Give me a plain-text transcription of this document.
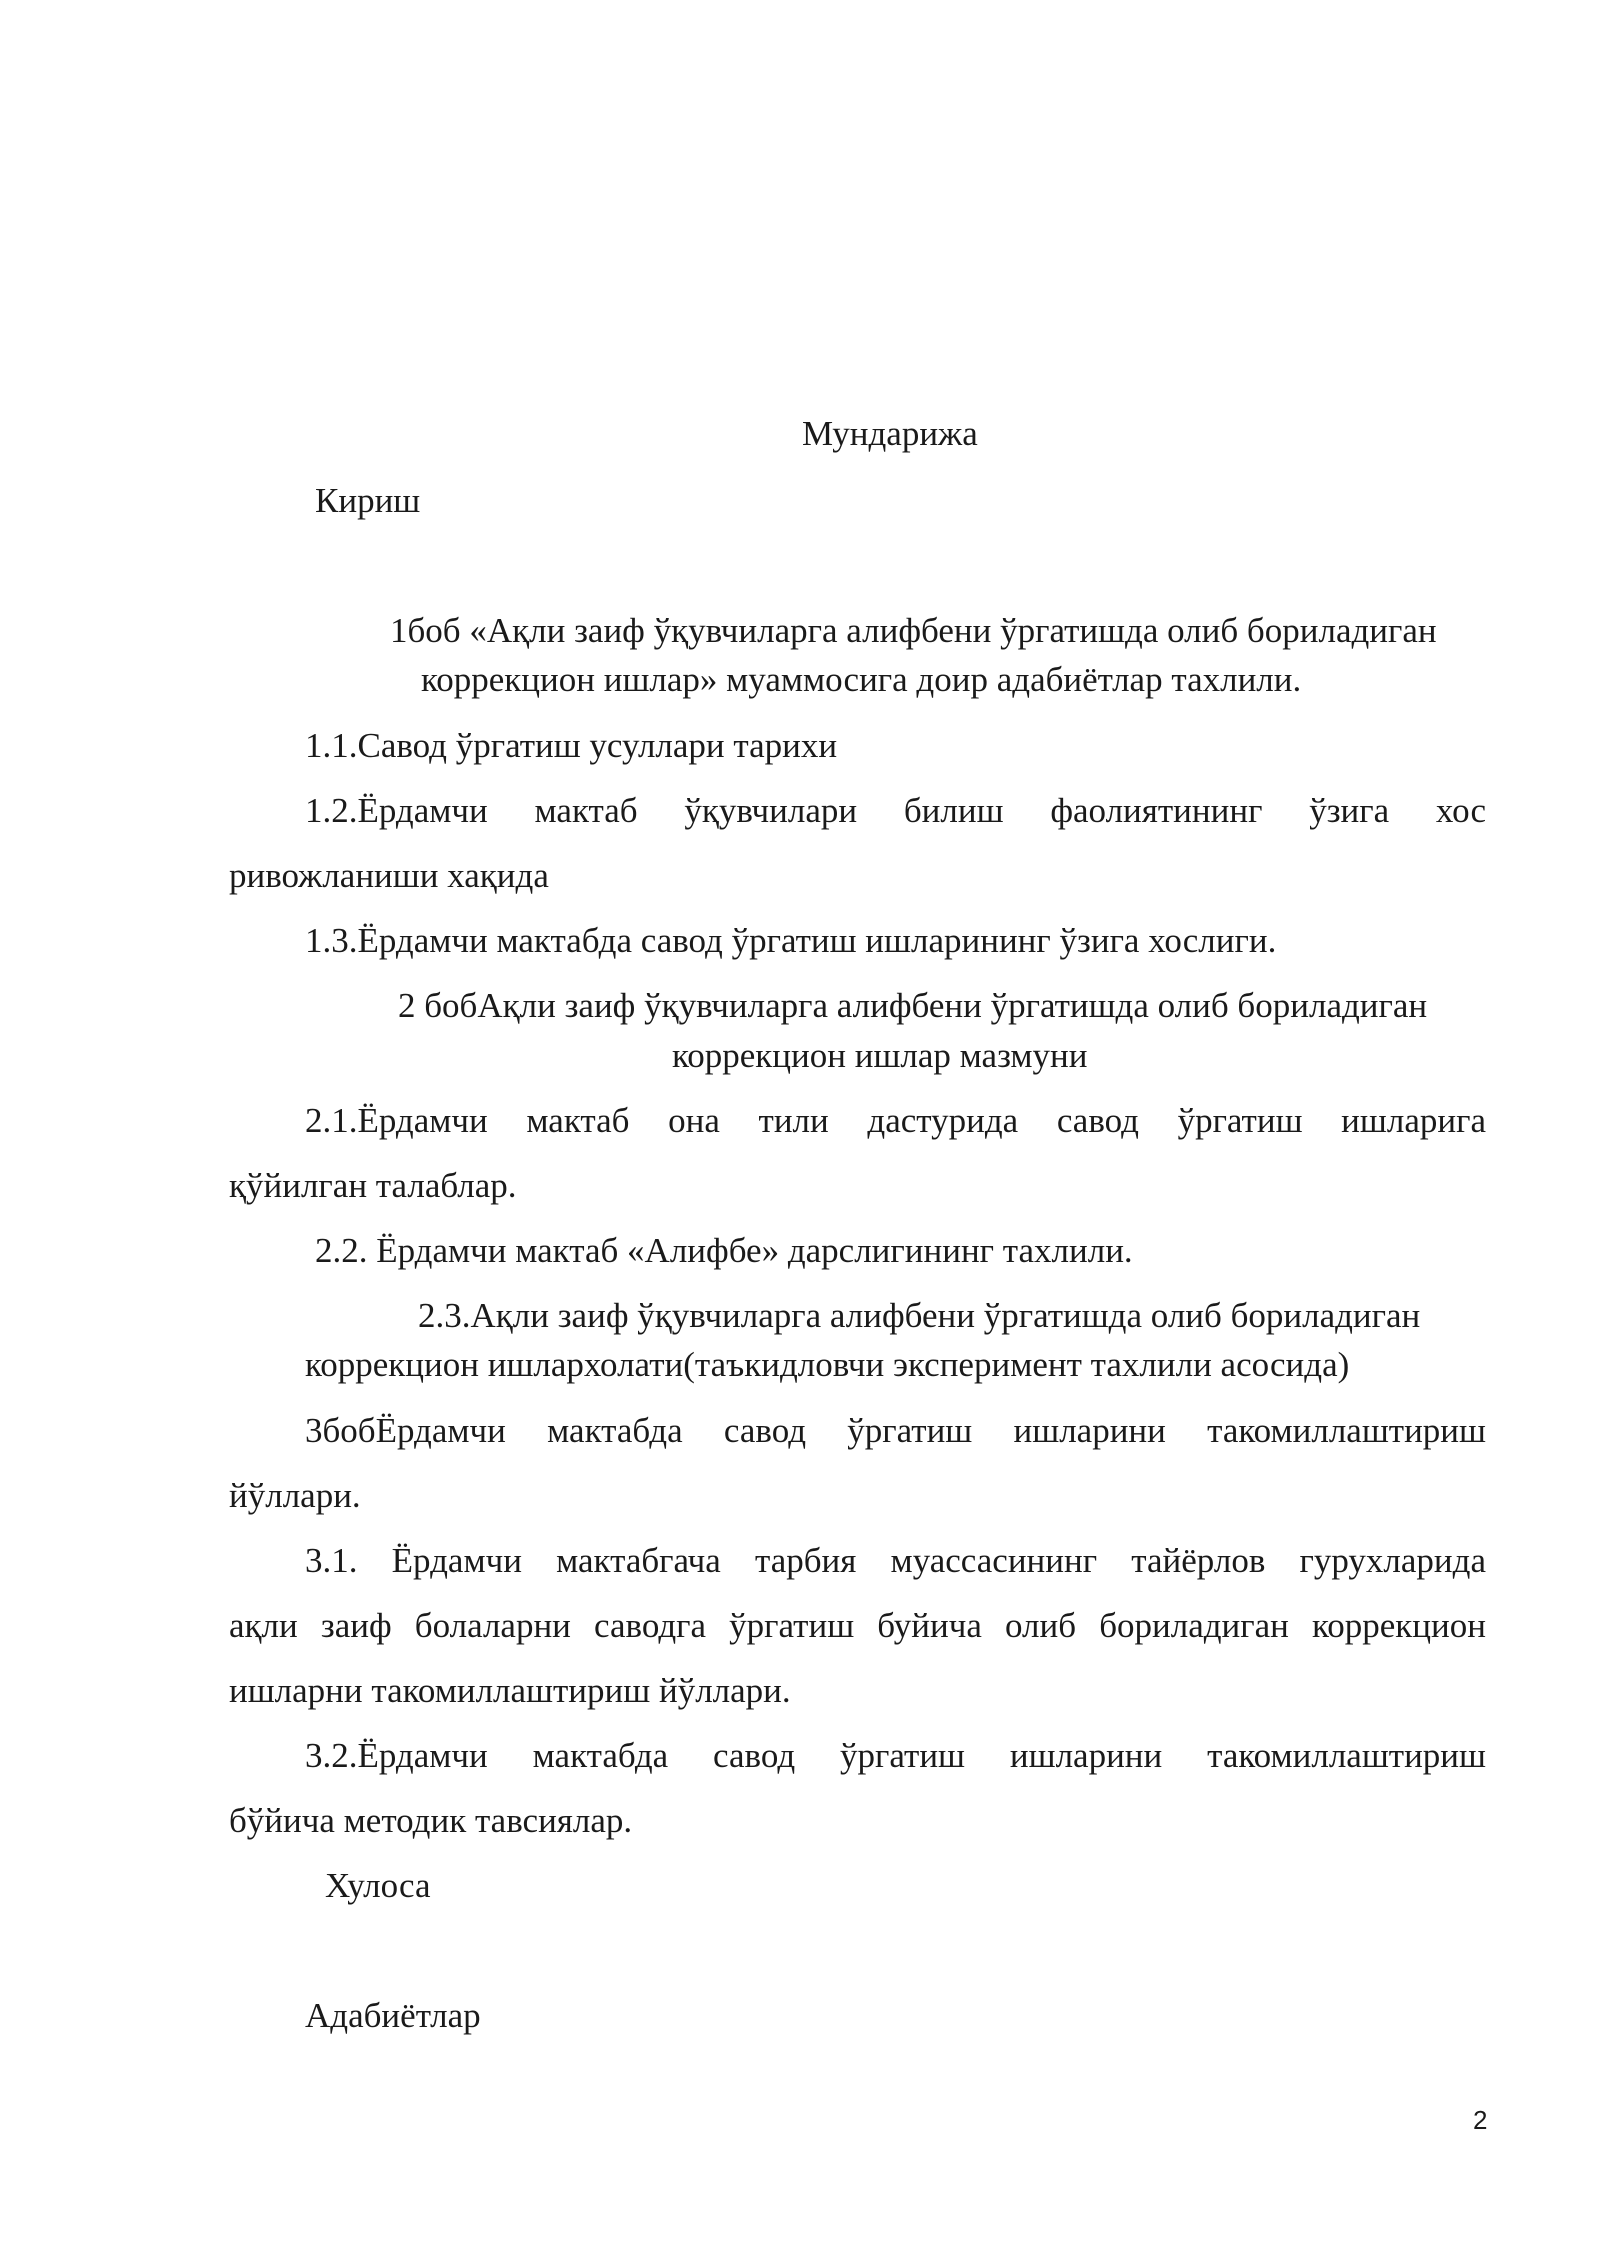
Мундарижа

Кириш

1боб «Ақли заиф ўқувчиларга алифбени ўргатишда олиб бориладиган

коррекцион ишлар» муаммосига доир адабиётлар тахлили.

1.1.Савод ўргатиш усуллари тарихи

1.2.Ёрдамчи мактаб ўқувчилари билиш фаолиятининг ўзига хос

ривожланиши хақида

1.3.Ёрдамчи мактабда савод ўргатиш ишларининг ўзига хослиги.

2 бобАқли заиф ўқувчиларга алифбени ўргатишда олиб бориладиган

коррекцион ишлар мазмуни

2.1.Ёрдамчи мактаб она тили дастурида савод ўргатиш ишларига

қўйилган талаблар.

2.2. Ёрдамчи мактаб «Алифбе» дарслигининг тахлили.

2.3.Ақли заиф ўқувчиларга алифбени ўргатишда олиб бориладиган

коррекцион ишлархолати(таъкидловчи эксперимент тахлили асосида)

3бобЁрдамчи мактабда савод ўргатиш ишларини такомиллаштириш

йўллари.

3.1. Ёрдамчи мактабгача тарбия муассасининг тайёрлов гурухларида

ақли заиф болаларни саводга ўргатиш буйича олиб бориладиган коррекцион

ишларни такомиллаштириш йўллари.

3.2.Ёрдамчи мактабда савод ўргатиш ишларини такомиллаштириш

бўйича методик тавсиялар.

Хулоса

Адабиётлар

2
